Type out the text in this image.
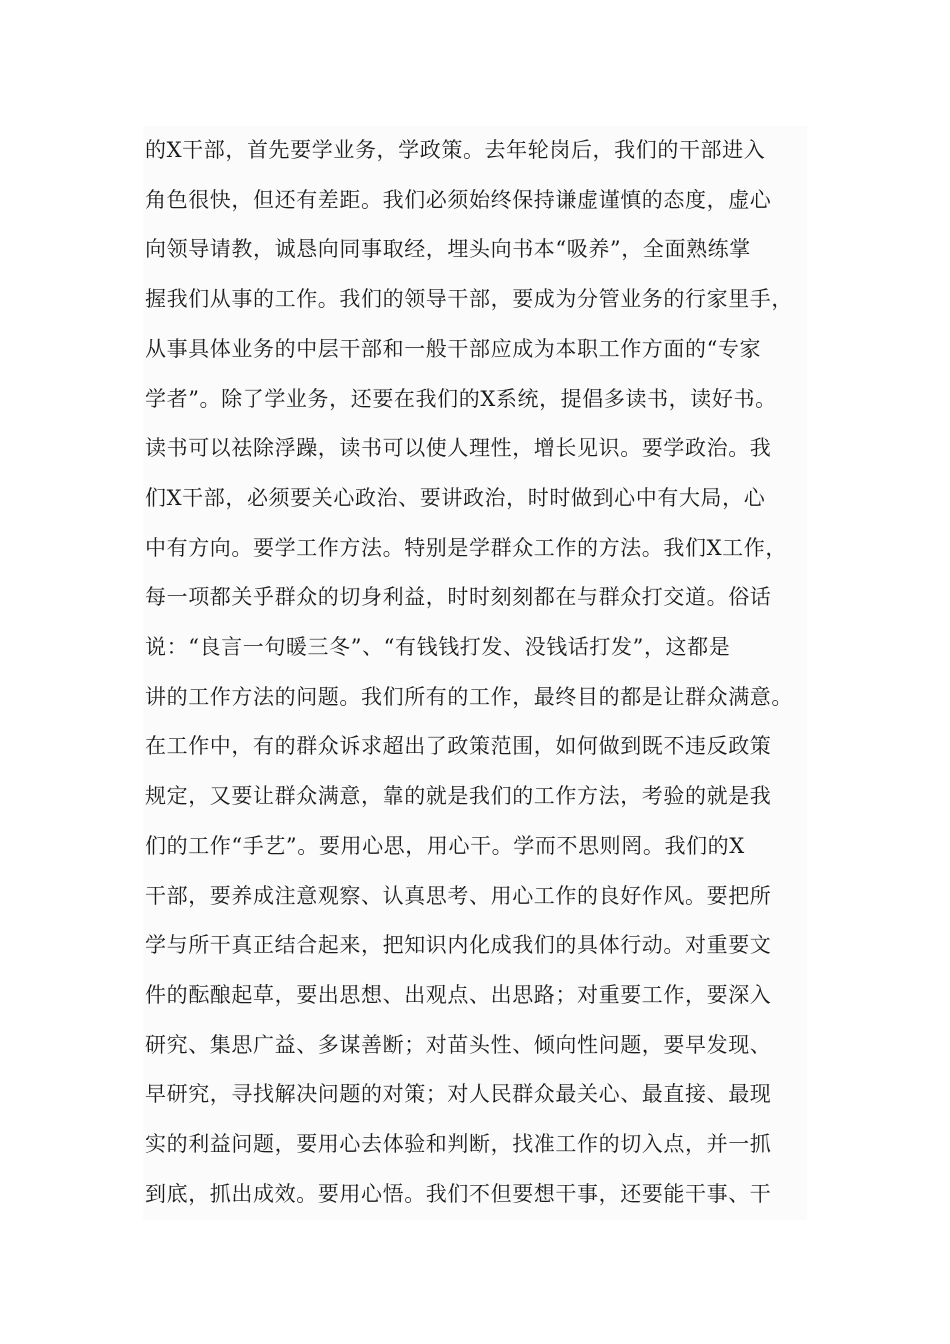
的X干部，首先要学业务，学政策。去年轮岗后，我们的干部进入
角色很快，但还有差距。我们必须始终保持谦虚谨慎的态度，虚心
向领导请教，诚恳向同事取经，埋头向书本“吸养”，全面熟练掌
握我们从事的工作。我们的领导干部，要成为分管业务的行家里手，
从事具体业务的中层干部和一般干部应成为本职工作方面的“专家
学者”。除了学业务，还要在我们的X系统，提倡多读书，读好书。
读书可以祛除浮躁，读书可以使人理性，增长见识。要学政治。我
们X干部，必须要关心政治、要讲政治，时时做到心中有大局，心
中有方向。要学工作方法。特别是学群众工作的方法。我们X工作，
每一项都关乎群众的切身利益，时时刻刻都在与群众打交道。俗话
说：“良言一句暖三冬”、“有钱钱打发、没钱话打发”，这都是
讲的工作方法的问题。我们所有的工作，最终目的都是让群众满意。
在工作中，有的群众诉求超出了政策范围，如何做到既不违反政策
规定，又要让群众满意，靠的就是我们的工作方法，考验的就是我
们的工作“手艺”。要用心思，用心干。学而不思则罔。我们的X
干部，要养成注意观察、认真思考、用心工作的良好作风。要把所
学与所干真正结合起来，把知识内化成我们的具体行动。对重要文
件的酝酿起草，要出思想、出观点、出思路；对重要工作，要深入
研究、集思广益、多谋善断；对苗头性、倾向性问题，要早发现、
早研究，寻找解决问题的对策；对人民群众最关心、最直接、最现
实的利益问题，要用心去体验和判断，找准工作的切入点，并一抓
到底，抓出成效。要用心悟。我们不但要想干事，还要能干事、干
